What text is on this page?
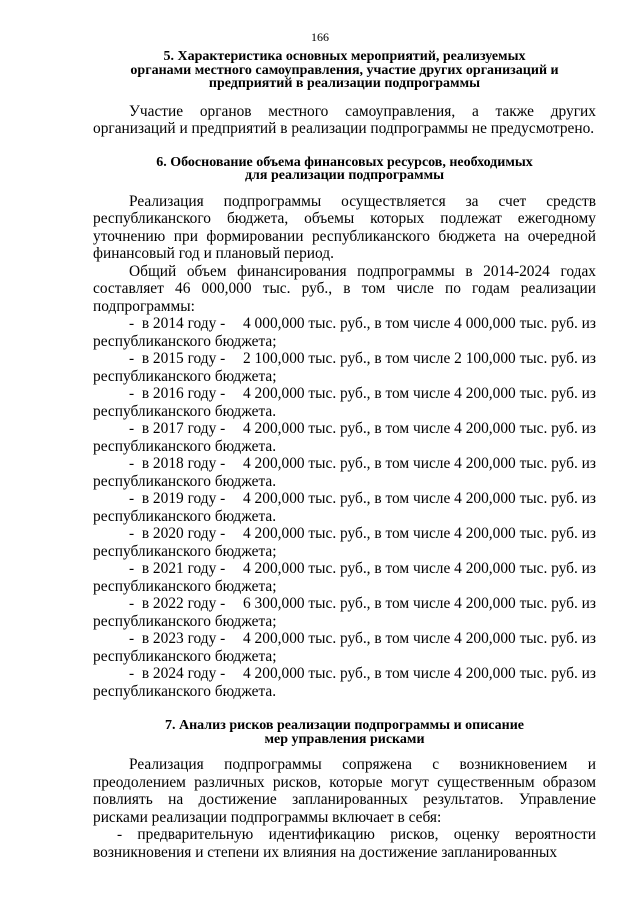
166
5. Характеристика основных мероприятий, реализуемых
органами местного самоуправления, участие других организаций и
предприятий в реализации подпрограммы

Участие органов местного самоуправления, а также других организаций и предприятий в реализации подпрограммы не предусмотрено.

6. Обоснование объема финансовых ресурсов, необходимых
для реализации подпрограммы

Реализация подпрограммы осуществляется за счет средств республиканского бюджета, объемы которых подлежат ежегодному уточнению при формировании республиканского бюджета на очередной финансовый год и плановый период.

Общий объем финансирования подпрограммы в 2014-2024 годах составляет 46 000,000 тыс. руб., в том числе по годам реализации подпрограммы:

-  в 2014 году - 4 000,000 тыс. руб., в том числе 4 000,000 тыс. руб. из
республиканского бюджета;
-  в 2015 году - 2 100,000 тыс. руб., в том числе 2 100,000 тыс. руб. из
республиканского бюджета;
-  в 2016 году - 4 200,000 тыс. руб., в том числе 4 200,000 тыс. руб. из
республиканского бюджета.
-  в 2017 году - 4 200,000 тыс. руб., в том числе 4 200,000 тыс. руб. из
республиканского бюджета.
-  в 2018 году - 4 200,000 тыс. руб., в том числе 4 200,000 тыс. руб. из
республиканского бюджета.
-  в 2019 году - 4 200,000 тыс. руб., в том числе 4 200,000 тыс. руб. из
республиканского бюджета.
-  в 2020 году - 4 200,000 тыс. руб., в том числе 4 200,000 тыс. руб. из
республиканского бюджета;
-  в 2021 году - 4 200,000 тыс. руб., в том числе 4 200,000 тыс. руб. из
республиканского бюджета;
-  в 2022 году - 6 300,000 тыс. руб., в том числе 4 200,000 тыс. руб. из
республиканского бюджета;
-  в 2023 году - 4 200,000 тыс. руб., в том числе 4 200,000 тыс. руб. из
республиканского бюджета;
-  в 2024 году - 4 200,000 тыс. руб., в том числе 4 200,000 тыс. руб. из
республиканского бюджета.
7. Анализ рисков реализации подпрограммы и описание
мер управления рисками

Реализация подпрограммы сопряжена с возникновением и преодолением различных рисков, которые могут существенным образом повлиять на достижение запланированных результатов. Управление рисками реализации подпрограммы включает в себя:

- предварительную идентификацию рисков, оценку вероятности возникновения и степени их влияния на достижение запланированных
